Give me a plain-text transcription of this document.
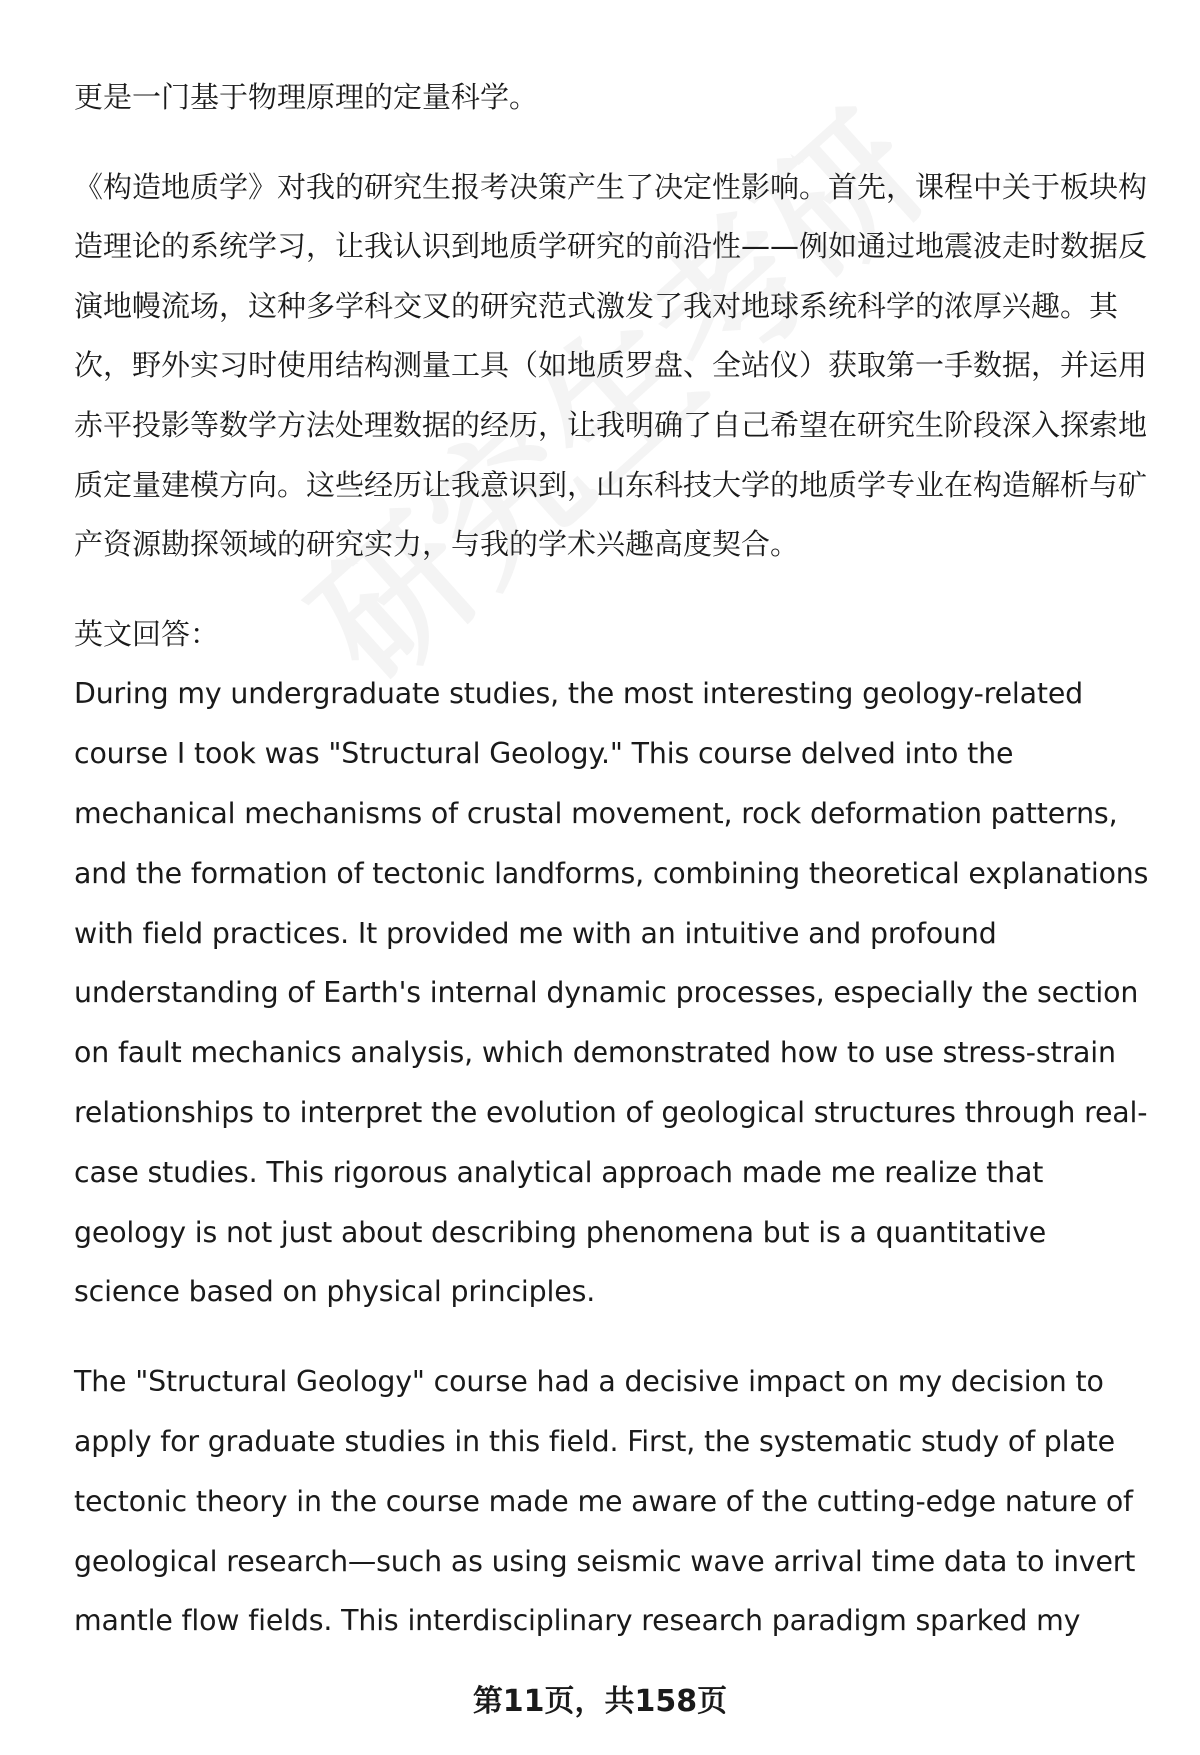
更是一门基于物理原理的定量科学。

《构造地质学》对我的研究生报考决策产生了决定性影响。首先，课程中关于板块构造理论的系统学习，让我认识到地质学研究的前沿性——例如通过地震波走时数据反演地幔流场，这种多学科交叉的研究范式激发了我对地球系统科学的浓厚兴趣。其次，野外实习时使用结构测量工具（如地质罗盘、全站仪）获取第一手数据，并运用赤平投影等数学方法处理数据的经历，让我明确了自己希望在研究生阶段深入探索地质定量建模方向。这些经历让我意识到，山东科技大学的地质学专业在构造解析与矿产资源勘探领域的研究实力，与我的学术兴趣高度契合。

英文回答：

During my undergraduate studies, the most interesting geology-related course I took was "Structural Geology." This course delved into the mechanical mechanisms of crustal movement, rock deformation patterns, and the formation of tectonic landforms, combining theoretical explanations with field practices. It provided me with an intuitive and profound understanding of Earth's internal dynamic processes, especially the section on fault mechanics analysis, which demonstrated how to use stress-strain relationships to interpret the evolution of geological structures through real-case studies. This rigorous analytical approach made me realize that geology is not just about describing phenomena but is a quantitative science based on physical principles.

The "Structural Geology" course had a decisive impact on my decision to apply for graduate studies in this field. First, the systematic study of plate tectonic theory in the course made me aware of the cutting-edge nature of geological research—such as using seismic wave arrival time data to invert mantle flow fields. This interdisciplinary research paradigm sparked my

第11页，共158页
